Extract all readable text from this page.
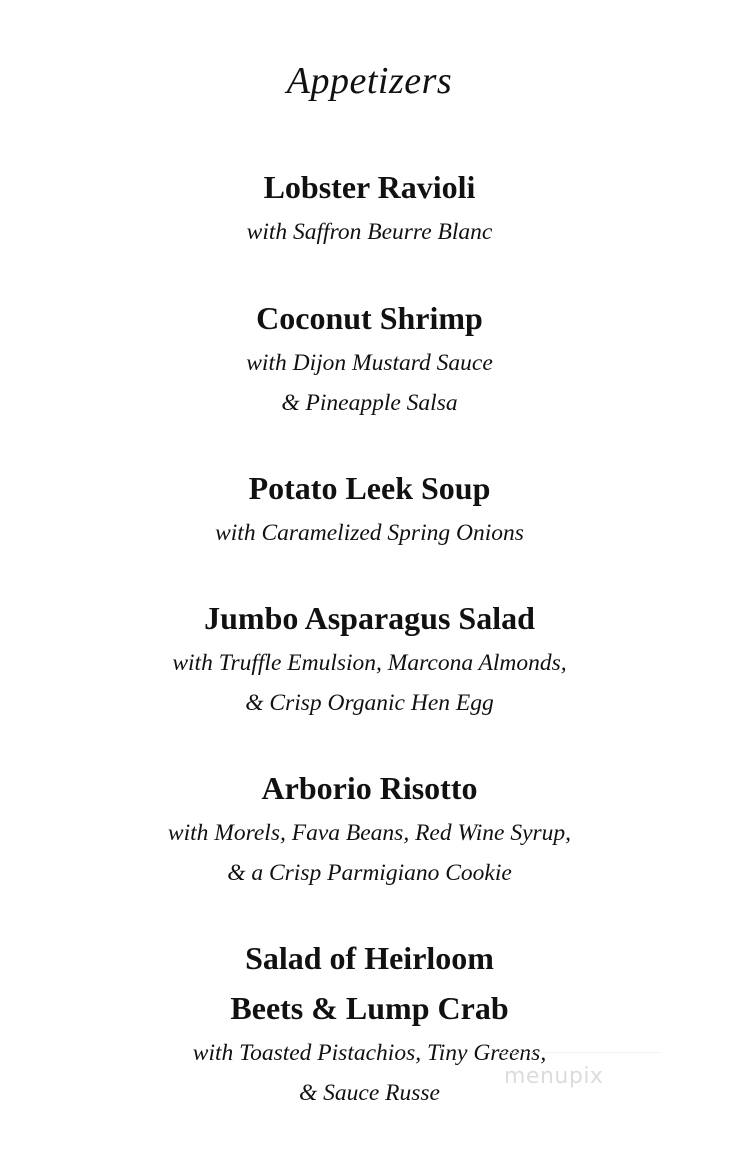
Appetizers
Lobster Ravioli
with Saffron Beurre Blanc
Coconut Shrimp
with Dijon Mustard Sauce
& Pineapple Salsa
Potato Leek Soup
with Caramelized Spring Onions
Jumbo Asparagus Salad
with Truffle Emulsion, Marcona Almonds,
& Crisp Organic Hen Egg
Arborio Risotto
with Morels, Fava Beans, Red Wine Syrup,
& a Crisp Parmigiano Cookie
Salad of Heirloom
Beets & Lump Crab
with Toasted Pistachios, Tiny Greens,
& Sauce Russe
menupix
